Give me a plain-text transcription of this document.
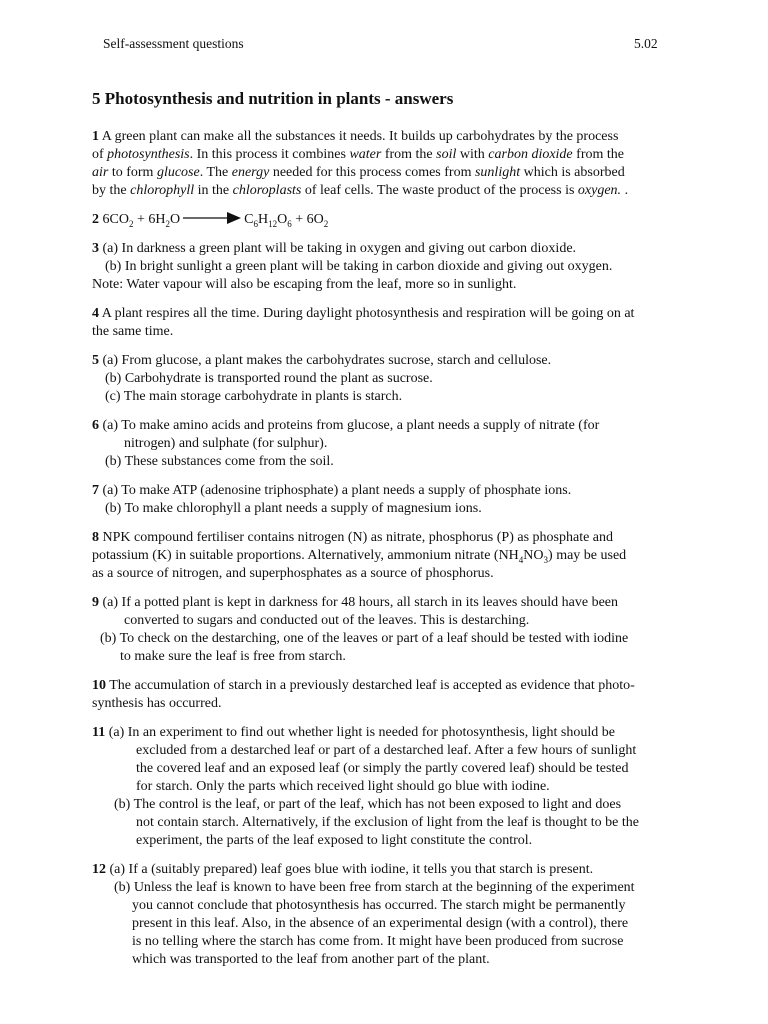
Self-assessment questions	5.02
5 Photosynthesis and nutrition in plants - answers
1 A green plant can make all the substances it needs. It builds up carbohydrates by the process
of photosynthesis. In this process it combines water from the soil with carbon dioxide from the
air to form glucose. The energy needed for this process comes from sunlight which is absorbed
by the chlorophyll in the chloroplasts of leaf cells. The waste product of the process is oxygen. .
2 $6CO_2 + 6H_2O$	$C_6H_{12}O_6 + 6O_2$
3 (a) In darkness a green plant will be taking in oxygen and giving out carbon dioxide.
(b) In bright sunlight a green plant will be taking in carbon dioxide and giving out oxygen.
Note: Water vapour will also be escaping from the leaf, more so in sunlight.
4 A plant respires all the time. During daylight photosynthesis and respiration will be going on at
the same time.
5 (a) From glucose, a plant makes the carbohydrates sucrose, starch and cellulose.
(b) Carbohydrate is transported round the plant as sucrose.
(c) The main storage carbohydrate in plants is starch.
6 (a) To make amino acids and proteins from glucose, a plant needs a supply of nitrate (for
nitrogen) and sulphate (for sulphur).
(b) These substances come from the soil.
7 (a) To make ATP (adenosine triphosphate) a plant needs a supply of phosphate ions.
(b) To make chlorophyll a plant needs a supply of magnesium ions.
8 NPK compound fertiliser contains nitrogen (N) as nitrate, phosphorus (P) as phosphate and
potassium (K) in suitable proportions. Alternatively, ammonium nitrate $(NH_4NO_3)$ may be used
as a source of nitrogen, and superphosphates as a source of phosphorus.
9 (a) If a potted plant is kept in darkness for 48 hours, all starch in its leaves should have been
converted to sugars and conducted out of the leaves. This is destarching.
(b) To check on the destarching, one of the leaves or part of a leaf should be tested with iodine
to make sure the leaf is free from starch.
10 The accumulation of starch in a previously destarched leaf is accepted as evidence that photo-
synthesis has occurred.
11 (a) In an experiment to find out whether light is needed for photosynthesis, light should be
excluded from a destarched leaf or part of a destarched leaf. After a few hours of sunlight
the covered leaf and an exposed leaf (or simply the partly covered leaf) should be tested
for starch. Only the parts which received light should go blue with iodine.
(b) The control is the leaf, or part of the leaf, which has not been exposed to light and does
not contain starch. Alternatively, if the exclusion of light from the leaf is thought to be the
experiment, the parts of the leaf exposed to light constitute the control.
12 (a) If a (suitably prepared) leaf goes blue with iodine, it tells you that starch is present.
(b) Unless the leaf is known to have been free from starch at the beginning of the experiment
you cannot conclude that photosynthesis has occurred. The starch might be permanently
present in this leaf. Also, in the absence of an experimental design (with a control), there
is no telling where the starch has come from. It might have been produced from sucrose
which was transported to the leaf from another part of the plant.
